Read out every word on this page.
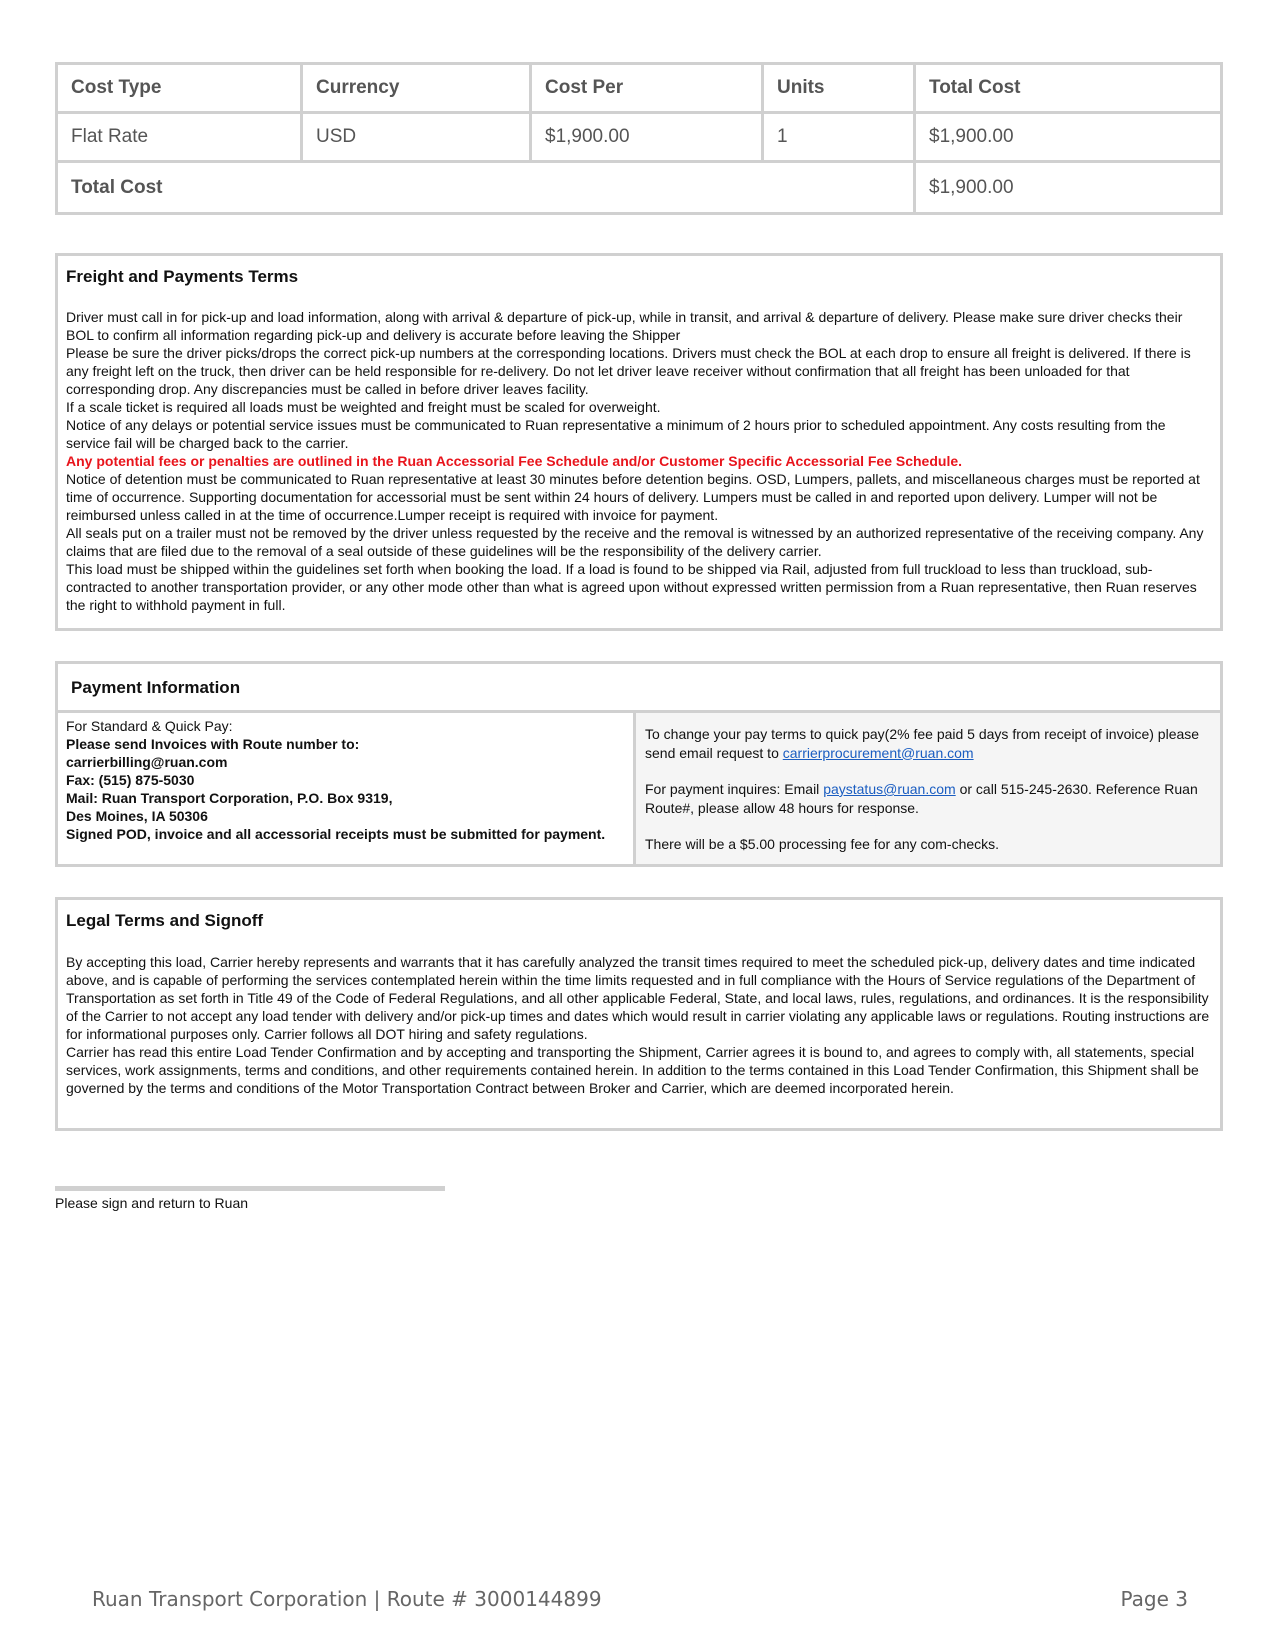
Cost Type	Currency	Cost Per	Units	Total Cost
Flat Rate	USD	$1,900.00	1	$1,900.00
Total Cost				$1,900.00
Freight and Payments Terms

Driver must call in for pick-up and load information, along with arrival & departure of pick-up, while in transit, and arrival & departure of delivery. Please make sure driver checks their BOL to confirm all information regarding pick-up and delivery is accurate before leaving the Shipper

Please be sure the driver picks/drops the correct pick-up numbers at the corresponding locations. Drivers must check the BOL at each drop to ensure all freight is delivered. If there is any freight left on the truck, then driver can be held responsible for re-delivery. Do not let driver leave receiver without confirmation that all freight has been unloaded for that corresponding drop. Any discrepancies must be called in before driver leaves facility.

If a scale ticket is required all loads must be weighted and freight must be scaled for overweight.

Notice of any delays or potential service issues must be communicated to Ruan representative a minimum of 2 hours prior to scheduled appointment. Any costs resulting from the service fail will be charged back to the carrier.

Any potential fees or penalties are outlined in the Ruan Accessorial Fee Schedule and/or Customer Specific Accessorial Fee Schedule.

Notice of detention must be communicated to Ruan representative at least 30 minutes before detention begins. OSD, Lumpers, pallets, and miscellaneous charges must be reported at time of occurrence. Supporting documentation for accessorial must be sent within 24 hours of delivery. Lumpers must be called in and reported upon delivery. Lumper will not be reimbursed unless called in at the time of occurrence.Lumper receipt is required with invoice for payment.

All seals put on a trailer must not be removed by the driver unless requested by the receive and the removal is witnessed by an authorized representative of the receiving company. Any claims that are filed due to the removal of a seal outside of these guidelines will be the responsibility of the delivery carrier.

This load must be shipped within the guidelines set forth when booking the load. If a load is found to be shipped via Rail, adjusted from full truckload to less than truckload, sub-contracted to another transportation provider, or any other mode other than what is agreed upon without expressed written permission from a Ruan representative, then Ruan reserves the right to withhold payment in full.

Payment Information
For Standard & Quick Pay:
Please send Invoices with Route number to:
carrierbilling@ruan.com
Fax: (515) 875-5030
Mail: Ruan Transport Corporation, P.O. Box 9319,
Des Moines, IA 50306
Signed POD, invoice and all accessorial receipts must be submitted for payment.
To change your pay terms to quick pay(2% fee paid 5 days from receipt of invoice) please send email request to carrierprocurement@ruan.com
For payment inquires: Email paystatus@ruan.com or call 515-245-2630. Reference Ruan Route#, please allow 48 hours for response.
There will be a $5.00 processing fee for any com-checks.
Legal Terms and Signoff

By accepting this load, Carrier hereby represents and warrants that it has carefully analyzed the transit times required to meet the scheduled pick-up, delivery dates and time indicated above, and is capable of performing the services contemplated herein within the time limits requested and in full compliance with the Hours of Service regulations of the Department of Transportation as set forth in Title 49 of the Code of Federal Regulations, and all other applicable Federal, State, and local laws, rules, regulations, and ordinances. It is the responsibility of the Carrier to not accept any load tender with delivery and/or pick-up times and dates which would result in carrier violating any applicable laws or regulations. Routing instructions are for informational purposes only. Carrier follows all DOT hiring and safety regulations.

Carrier has read this entire Load Tender Confirmation and by accepting and transporting the Shipment, Carrier agrees it is bound to, and agrees to comply with, all statements, special services, work assignments, terms and conditions, and other requirements contained herein. In addition to the terms contained in this Load Tender Confirmation, this Shipment shall be governed by the terms and conditions of the Motor Transportation Contract between Broker and Carrier, which are deemed incorporated herein.

Please sign and return to Ruan
Ruan Transport Corporation | Route # 3000144899	Page 3
